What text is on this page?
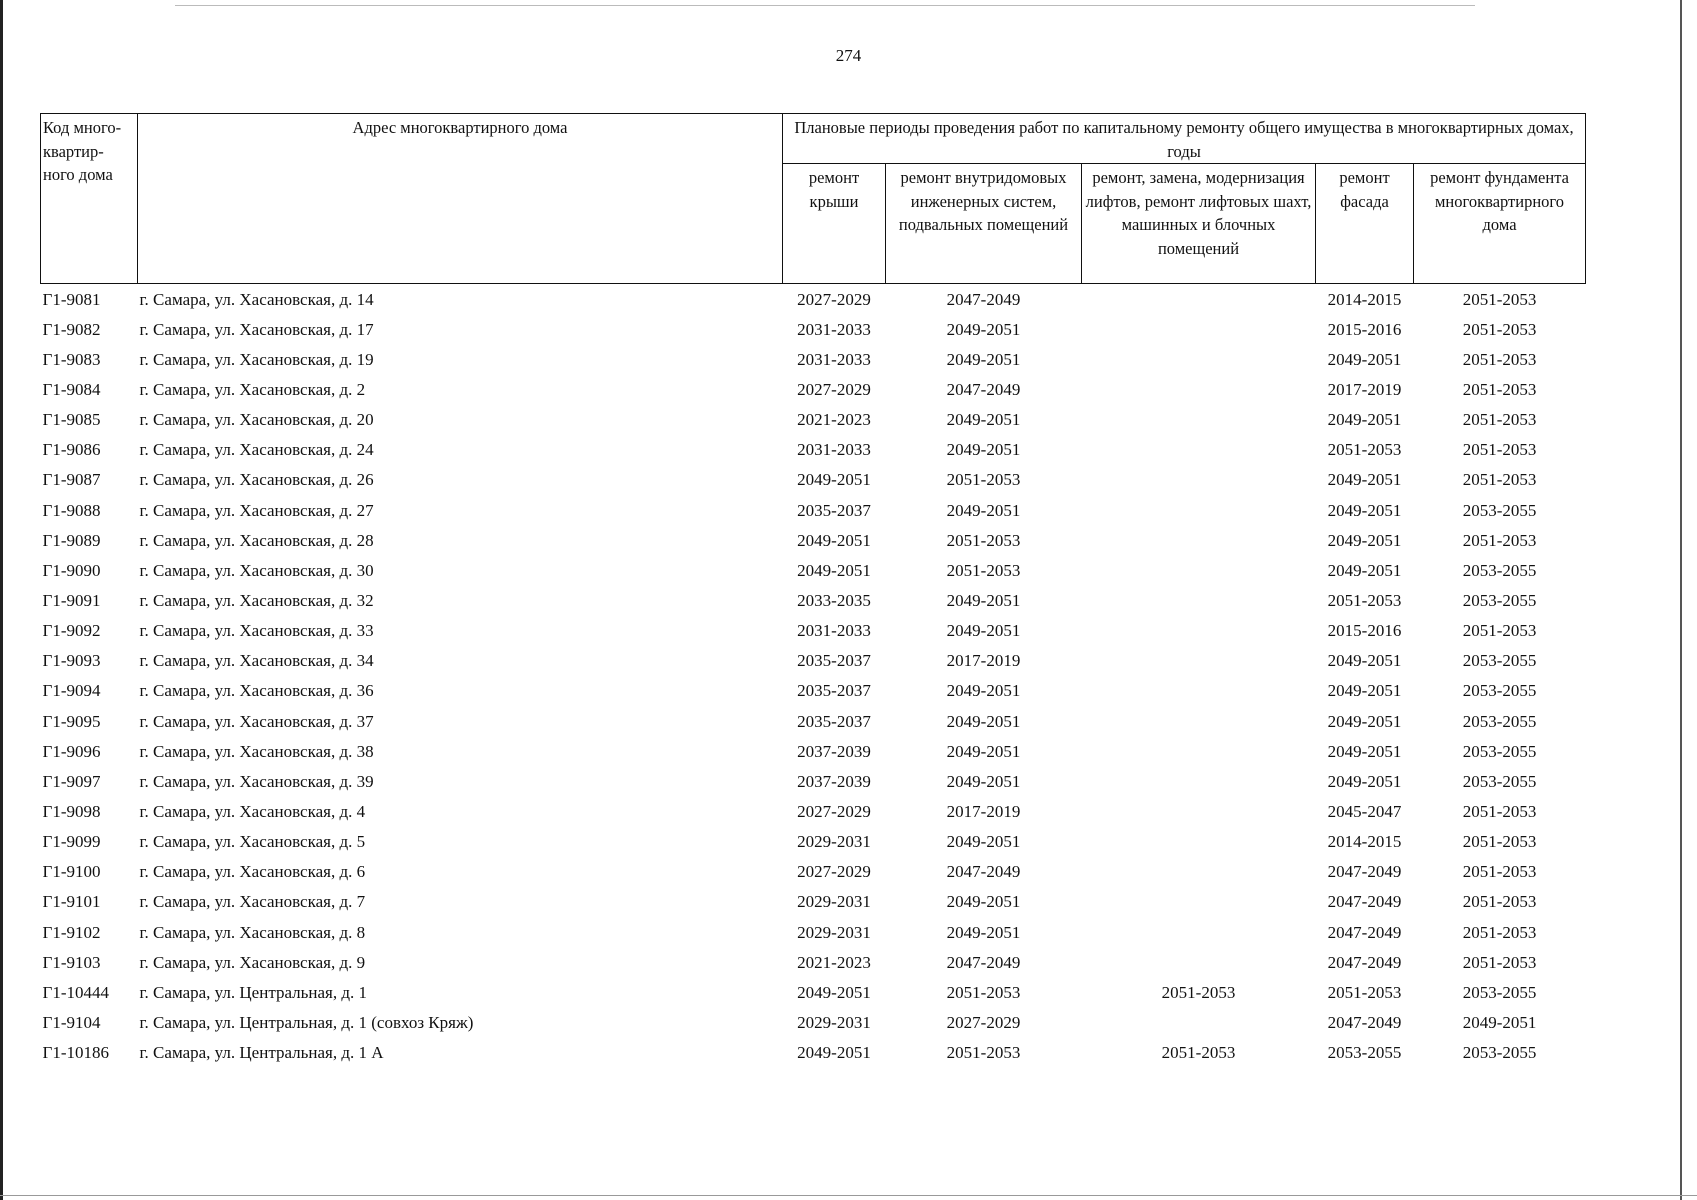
274
Код много-квартир-ного дома	Адрес многоквартирного дома	Плановые периоды проведения работ по капитальному ремонту общего имущества в многоквартирных домах, годы				
		ремонт крыши	ремонт внутридомовых инженерных систем, подвальных помещений	ремонт, замена, модернизация лифтов, ремонт лифтовых шахт, машинных и блочных помещений	ремонт фасада	ремонт фундамента многоквартирного дома
Г1-9081	г. Самара, ул. Хасановская, д. 14	2027-2029	2047-2049		2014-2015	2051-2053
Г1-9082	г. Самара, ул. Хасановская, д. 17	2031-2033	2049-2051		2015-2016	2051-2053
Г1-9083	г. Самара, ул. Хасановская, д. 19	2031-2033	2049-2051		2049-2051	2051-2053
Г1-9084	г. Самара, ул. Хасановская, д. 2	2027-2029	2047-2049		2017-2019	2051-2053
Г1-9085	г. Самара, ул. Хасановская, д. 20	2021-2023	2049-2051		2049-2051	2051-2053
Г1-9086	г. Самара, ул. Хасановская, д. 24	2031-2033	2049-2051		2051-2053	2051-2053
Г1-9087	г. Самара, ул. Хасановская, д. 26	2049-2051	2051-2053		2049-2051	2051-2053
Г1-9088	г. Самара, ул. Хасановская, д. 27	2035-2037	2049-2051		2049-2051	2053-2055
Г1-9089	г. Самара, ул. Хасановская, д. 28	2049-2051	2051-2053		2049-2051	2051-2053
Г1-9090	г. Самара, ул. Хасановская, д. 30	2049-2051	2051-2053		2049-2051	2053-2055
Г1-9091	г. Самара, ул. Хасановская, д. 32	2033-2035	2049-2051		2051-2053	2053-2055
Г1-9092	г. Самара, ул. Хасановская, д. 33	2031-2033	2049-2051		2015-2016	2051-2053
Г1-9093	г. Самара, ул. Хасановская, д. 34	2035-2037	2017-2019		2049-2051	2053-2055
Г1-9094	г. Самара, ул. Хасановская, д. 36	2035-2037	2049-2051		2049-2051	2053-2055
Г1-9095	г. Самара, ул. Хасановская, д. 37	2035-2037	2049-2051		2049-2051	2053-2055
Г1-9096	г. Самара, ул. Хасановская, д. 38	2037-2039	2049-2051		2049-2051	2053-2055
Г1-9097	г. Самара, ул. Хасановская, д. 39	2037-2039	2049-2051		2049-2051	2053-2055
Г1-9098	г. Самара, ул. Хасановская, д. 4	2027-2029	2017-2019		2045-2047	2051-2053
Г1-9099	г. Самара, ул. Хасановская, д. 5	2029-2031	2049-2051		2014-2015	2051-2053
Г1-9100	г. Самара, ул. Хасановская, д. 6	2027-2029	2047-2049		2047-2049	2051-2053
Г1-9101	г. Самара, ул. Хасановская, д. 7	2029-2031	2049-2051		2047-2049	2051-2053
Г1-9102	г. Самара, ул. Хасановская, д. 8	2029-2031	2049-2051		2047-2049	2051-2053
Г1-9103	г. Самара, ул. Хасановская, д. 9	2021-2023	2047-2049		2047-2049	2051-2053
Г1-10444	г. Самара, ул. Центральная, д. 1	2049-2051	2051-2053	2051-2053	2051-2053	2053-2055
Г1-9104	г. Самара, ул. Центральная, д. 1 (совхоз Кряж)	2029-2031	2027-2029		2047-2049	2049-2051
Г1-10186	г. Самара, ул. Центральная, д. 1 А	2049-2051	2051-2053	2051-2053	2053-2055	2053-2055
